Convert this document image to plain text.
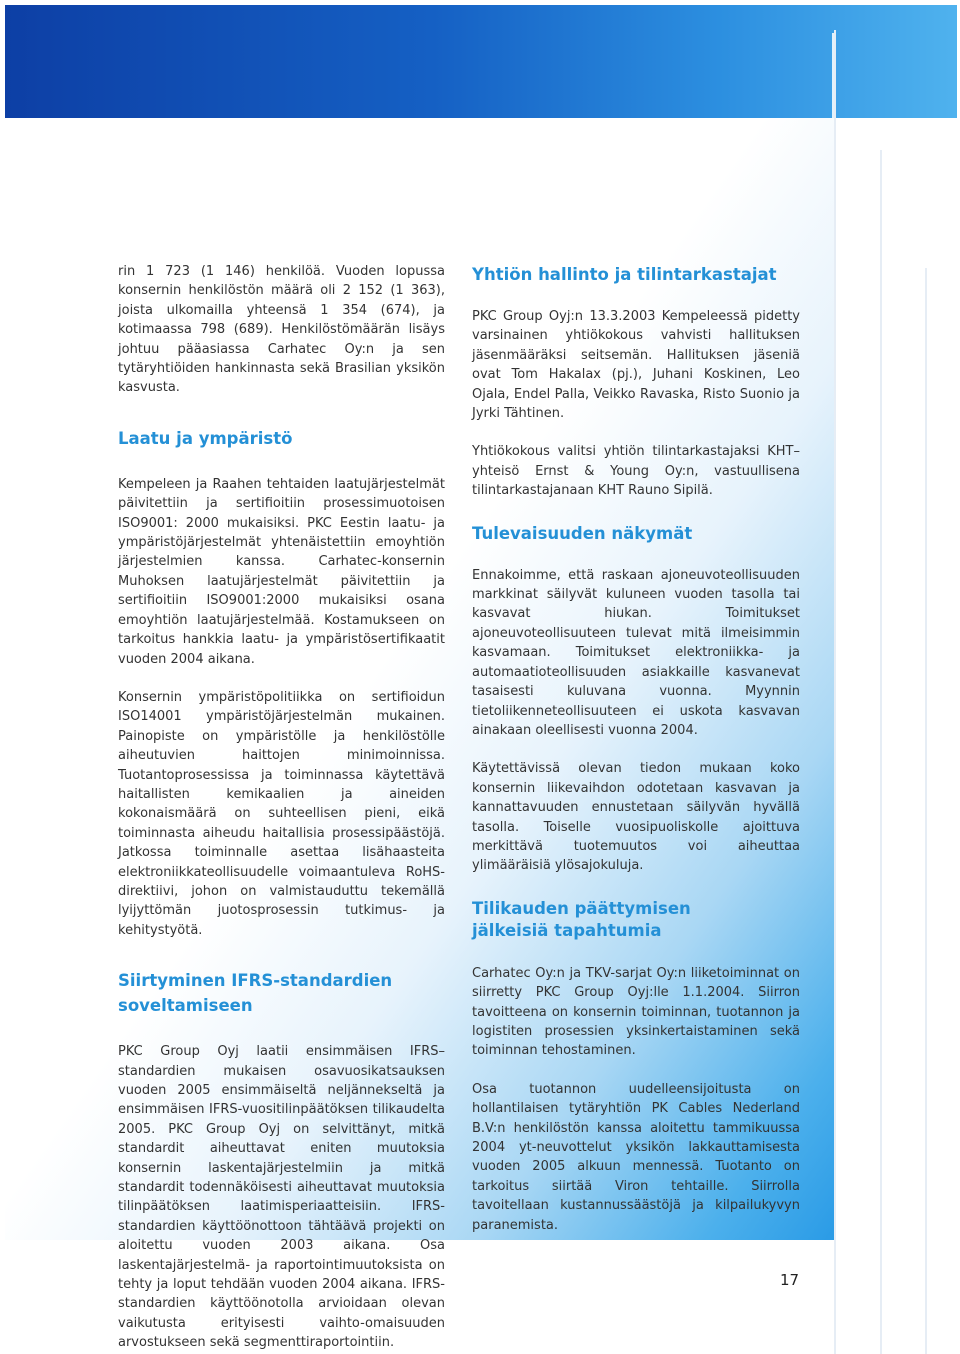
rin 1 723 (1 146) henkilöä. Vuoden lopussa konsernin henkilöstön määrä oli 2 152 (1 363), joista ulkomailla yhteensä 1 354 (674), ja kotimaassa 798 (689). Henkilöstömäärän lisäys johtuu pääasiassa Carhatec Oy:n ja sen tytäryhtiöiden hankinnasta sekä Brasilian yksikön kasvusta.

Laatu ja ympäristö

Kempeleen ja Raahen tehtaiden laatujärjestelmät päivitettiin ja sertifioitiin prosessimuotoisen ISO9001: 2000 mukaisiksi. PKC Eestin laatu- ja ympäristöjärjestelmät yhtenäistettiin emoyhtiön järjestelmien kanssa. Carhatec-konsernin Muhoksen laatujärjestelmät päivitettiin ja sertifioitiin ISO9001:2000 mukaisiksi osana emoyhtiön laatujärjestelmää. Kostamukseen on tarkoitus hankkia laatu- ja ympäristösertifikaatit vuoden 2004 aikana.

Konsernin ympäristöpolitiikka on sertifioidun ISO14001 ympäristöjärjestelmän mukainen. Painopiste on ympäristölle ja henkilöstölle aiheutuvien haittojen minimoinnissa. Tuotantoprosessissa ja toiminnassa käytettävä haitallisten kemikaalien ja aineiden kokonaismäärä on suhteellisen pieni, eikä toiminnasta aiheudu haitallisia prosessipäästöjä. Jatkossa toiminnalle asettaa lisähaasteita elektroniikkateollisuudelle voimaantuleva RoHS-direktiivi, johon on valmistauduttu tekemällä lyijyttömän juotosprosessin tutkimus- ja kehitystyötä.

Siirtyminen IFRS-standardien
soveltamiseen

PKC Group Oyj laatii ensimmäisen IFRS–standardien mukaisen osavuosikatsauksen vuoden 2005 ensimmäiseltä neljännekseltä ja ensimmäisen IFRS-vuositilinpäätöksen tilikaudelta 2005. PKC Group Oyj on selvittänyt, mitkä standardit aiheuttavat eniten muutoksia konsernin laskentajärjestelmiin ja mitkä standardit todennäköisesti aiheuttavat muutoksia tilinpäätöksen laatimisperiaatteisiin. IFRS-standardien käyttöönottoon tähtäävä projekti on aloitettu vuoden 2003 aikana. Osa laskentajärjestelmä- ja raportointimuutoksista on tehty ja loput tehdään vuoden 2004 aikana. IFRS-standardien käyttöönotolla arvioidaan olevan vaikutusta erityisesti vaihto-omaisuuden arvostukseen sekä segmenttiraportointiin.

Yhtiön hallinto ja tilintarkastajat

PKC Group Oyj:n 13.3.2003 Kempeleessä pidetty varsinainen yhtiökokous vahvisti hallituksen jäsenmääräksi seitsemän. Hallituksen jäseniä ovat Tom Hakalax (pj.), Juhani Koskinen, Leo Ojala, Endel Palla, Veikko Ravaska, Risto Suonio ja Jyrki Tähtinen.

Yhtiökokous valitsi yhtiön tilintarkastajaksi KHT–yhteisö Ernst & Young Oy:n, vastuullisena tilintarkastajanaan KHT Rauno Sipilä.

Tulevaisuuden näkymät

Ennakoimme, että raskaan ajoneuvoteollisuuden markkinat säilyvät kuluneen vuoden tasolla tai kasvavat hiukan. Toimitukset ajoneuvoteollisuuteen tulevat mitä ilmeisimmin kasvamaan. Toimitukset elektroniikka- ja automaatioteollisuuden asiakkaille kasvanevat tasaisesti kuluvana vuonna. Myynnin tietoliikenneteollisuuteen ei uskota kasvavan ainakaan oleellisesti vuonna 2004.

Käytettävissä olevan tiedon mukaan koko konsernin liikevaihdon odotetaan kasvavan ja kannattavuuden ennustetaan säilyvän hyvällä tasolla. Toiselle vuosipuoliskolle ajoittuva merkittävä tuotemuutos voi aiheuttaa ylimääräisiä ylösajokuluja.

Tilikauden päättymisen
jälkeisiä tapahtumia

Carhatec Oy:n ja TKV-sarjat Oy:n liiketoiminnat on siirretty PKC Group Oyj:lle 1.1.2004. Siirron tavoitteena on konsernin toiminnan, tuotannon ja logistiten prosessien yksinkertaistaminen sekä toiminnan tehostaminen.

Osa tuotannon uudelleensijoitusta on hollantilaisen tytäryhtiön PK Cables Nederland B.V:n henkilöstön kanssa aloitettu tammikuussa 2004 yt-neuvottelut yksikön lakkauttamisesta vuoden 2005 alkuun mennessä. Tuotanto on tarkoitus siirtää Viron tehtaille. Siirrolla tavoitellaan kustannussäästöjä ja kilpailukyvyn paranemista.

17
